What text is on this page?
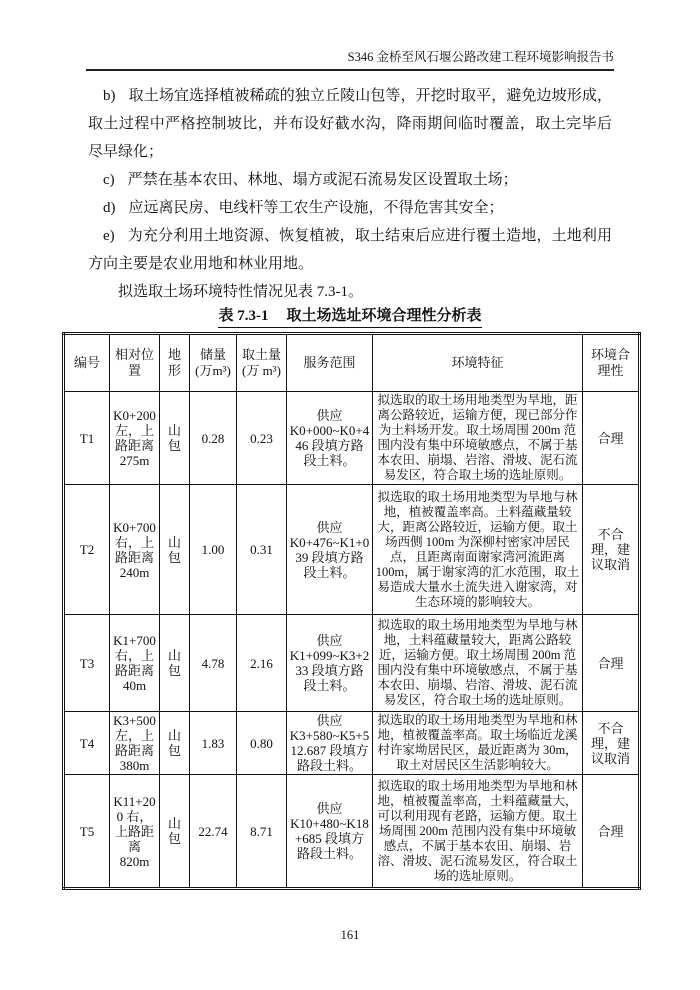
S346 金桥至风石堰公路改建工程环境影响报告书

b) 取土场宜选择植被稀疏的独立丘陵山包等，开挖时取平，避免边坡形成，取土过程中严格控制坡比，并布设好截水沟，降雨期间临时覆盖，取土完毕后尽早绿化；

c) 严禁在基本农田、林地、塌方或泥石流易发区设置取土场；

d) 应远离民房、电线杆等工农生产设施，不得危害其安全；

e) 为充分利用土地资源、恢复植被，取土结束后应进行覆土造地，土地利用方向主要是农业用地和林业用地。

拟选取土场环境特性情况见表 7.3-1。

表 7.3-1 取土场选址环境合理性分析表
编号	相对位置	地形	储量(万m³)	取土量 (万 m³)	服务范围	环境特征	环境合理性
T1	K0+200 左，上路距离 275m	山包	0.28	0.23	供应 K0+000~K0+446 段填方路段土料。	拟选取的取土场用地类型为旱地，距离公路较近，运输方便，现已部分作为土料场开发。取土场周围 200m 范围内没有集中环境敏感点，不属于基本农田、崩塌、岩溶、滑坡、泥石流易发区，符合取土场的选址原则。	合理
T2	K0+700 右，上路距离 240m	山包	1.00	0.31	供应 K0+476~K1+039 段填方路段土料。	拟选取的取土场用地类型为旱地与林地，植被覆盖率高。土料蕴藏量较大，距离公路较近，运输方便。取土场西侧 100m 为深柳村密家冲居民点，且距离南面谢家湾河流距离 100m，属于谢家湾的汇水范围，取土易造成大量水土流失进入谢家湾，对生态环境的影响较大。	不合理，建议取消
T3	K1+700 右，上路距离 40m	山包	4.78	2.16	供应 K1+099~K3+233 段填方路段土料。	拟选取的取土场用地类型为旱地与林地，土料蕴藏量较大，距离公路较近，运输方便。取土场周围 200m 范围内没有集中环境敏感点，不属于基本农田、崩塌、岩溶、滑坡、泥石流易发区，符合取土场的选址原则。	合理
T4	K3+500 左，上路距离 380m	山包	1.83	0.80	供应 K3+580~K5+512.687 段填方路段土料。	拟选取的取土场用地类型为旱地和林地，植被覆盖率高。取土场临近龙溪村许家坳居民区，最近距离为 30m，取土对居民区生活影响较大。	不合理，建议取消
T5	K11+200 右，上路距离 820m	山包	22.74	8.71	供应 K10+480~K18+685 段填方路段土料。	拟选取的取土场用地类型为旱地和林地，植被覆盖率高，土料蕴藏量大，可以利用现有老路，运输方便。取土场周围 200m 范围内没有集中环境敏感点，不属于基本农田、崩塌、岩溶、滑坡、泥石流易发区，符合取土场的选址原则。	合理
161
